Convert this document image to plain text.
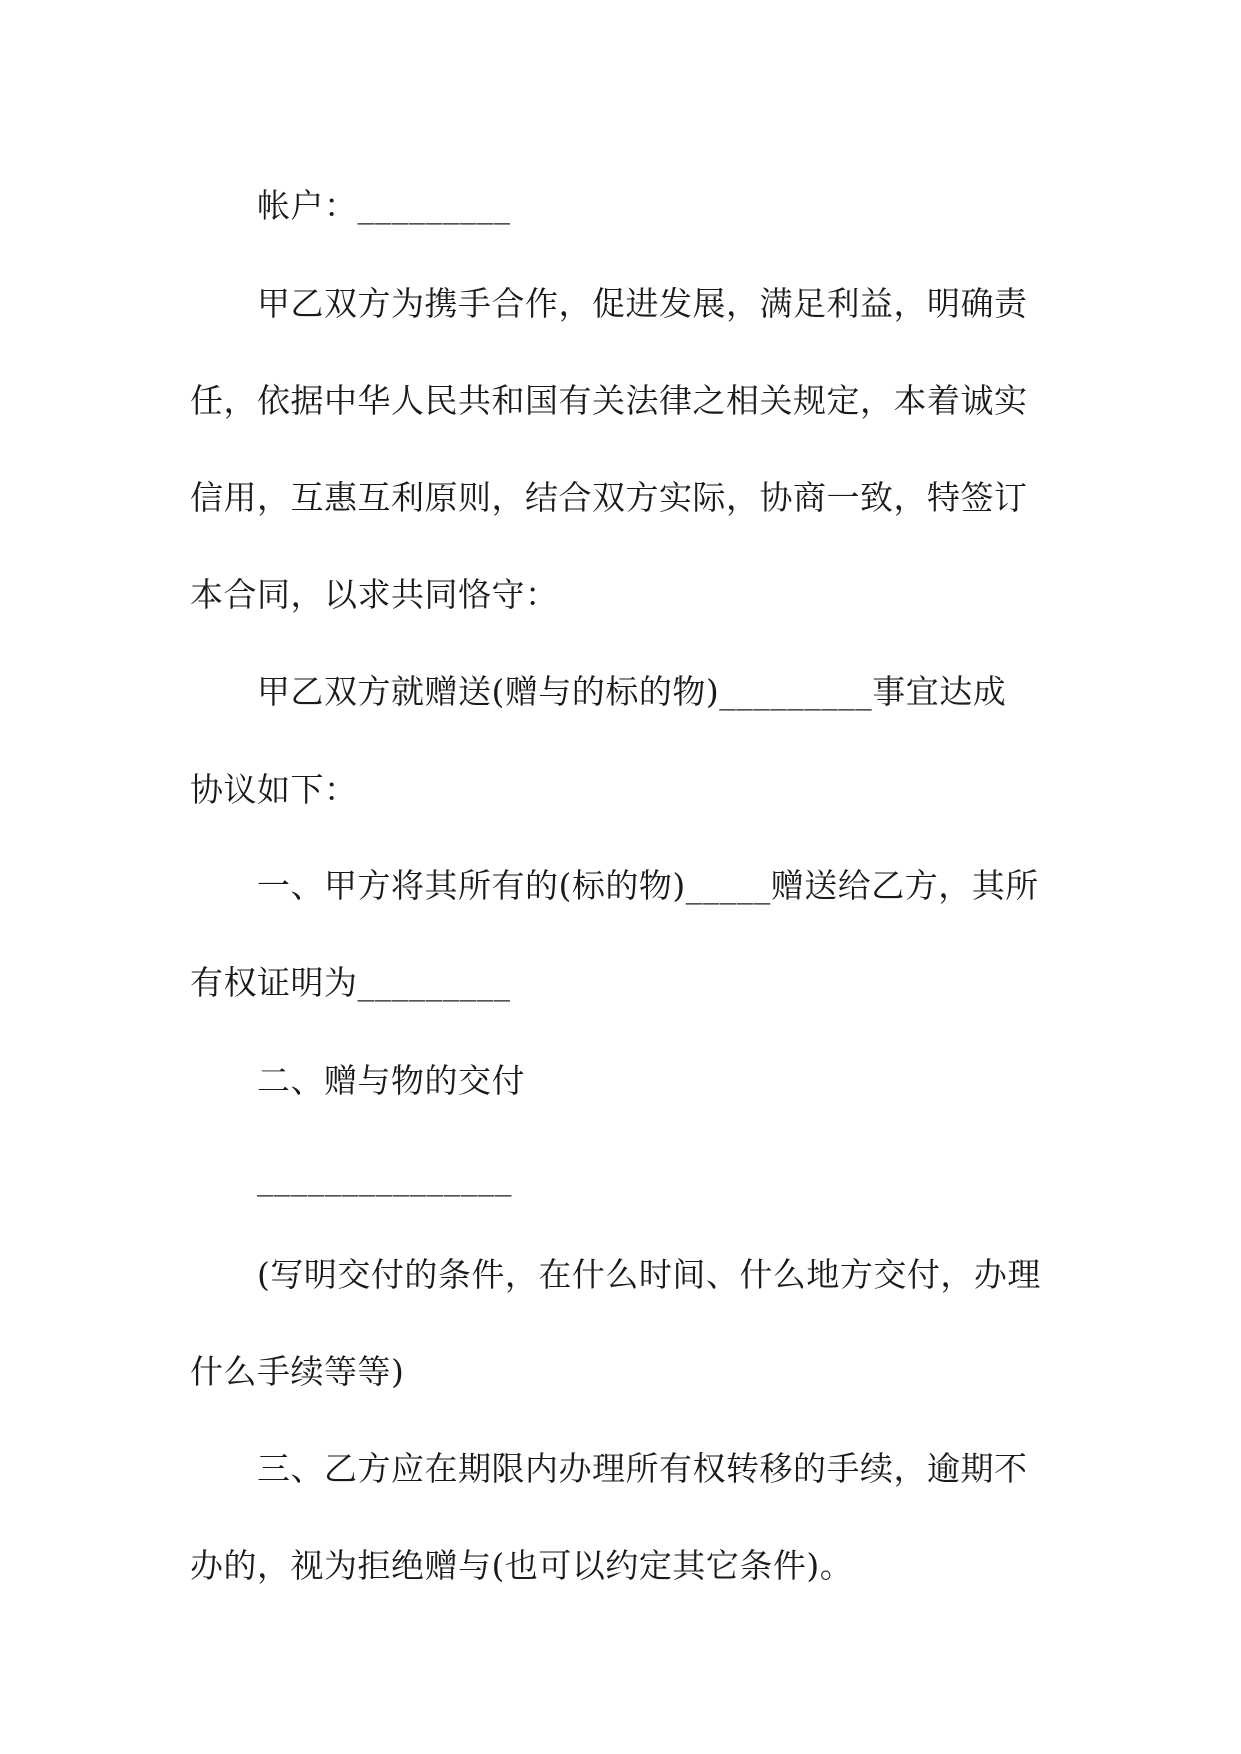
帐户：_________
甲乙双方为携手合作，促进发展，满足利益，明确责
任，依据中华人民共和国有关法律之相关规定，本着诚实
信用，互惠互利原则，结合双方实际，协商一致，特签订
本合同，以求共同恪守：
甲乙双方就赠送(赠与的标的物)_________事宜达成
协议如下：
一、甲方将其所有的(标的物)_____赠送给乙方，其所
有权证明为_________
二、赠与物的交付
_______________
(写明交付的条件，在什么时间、什么地方交付，办理
什么手续等等)
三、乙方应在期限内办理所有权转移的手续，逾期不
办的，视为拒绝赠与(也可以约定其它条件)。
